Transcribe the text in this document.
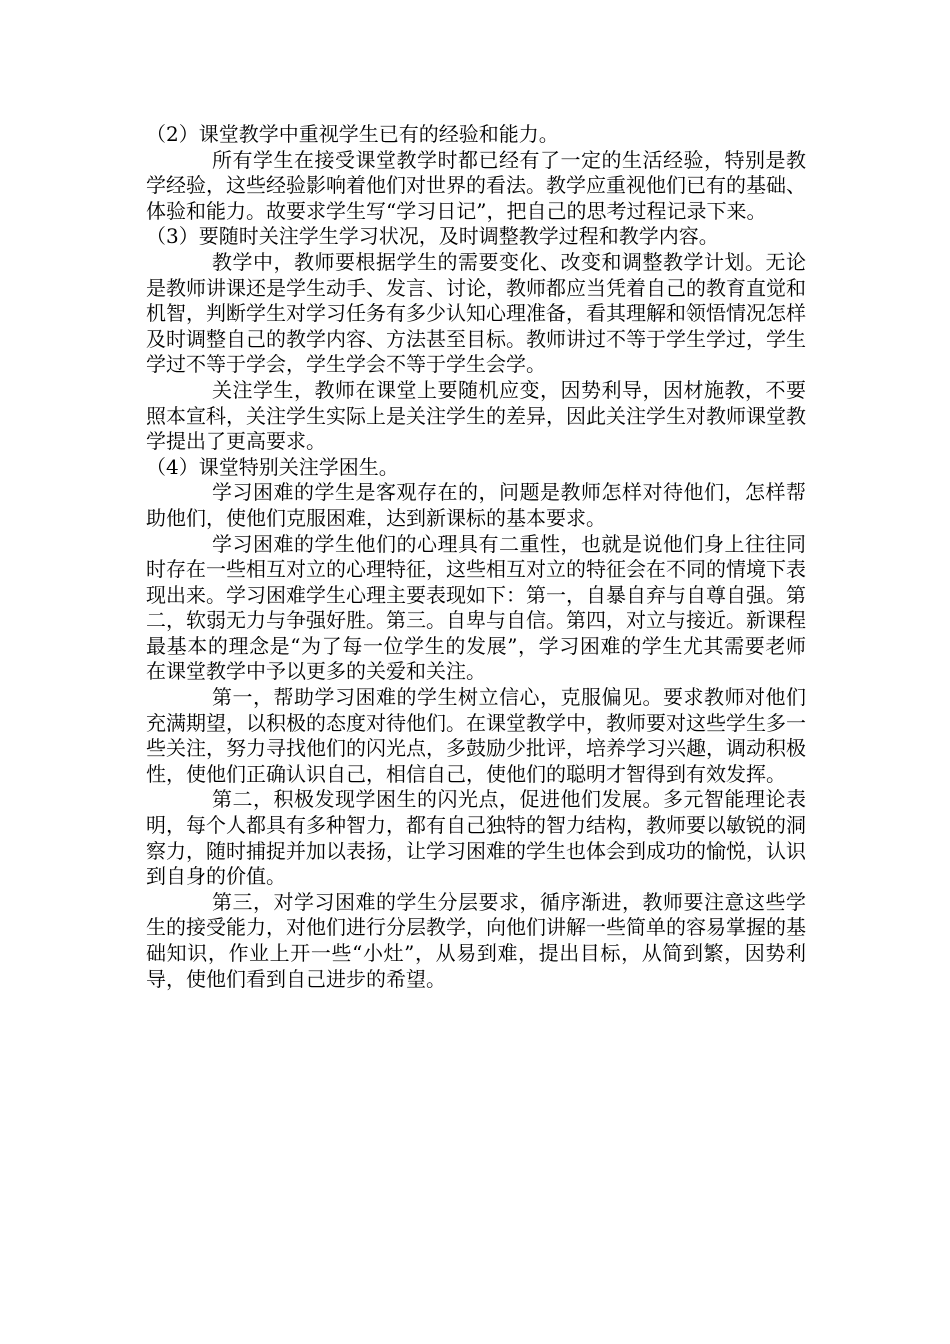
（2）课堂教学中重视学生已有的经验和能力。

所有学生在接受课堂教学时都已经有了一定的生活经验，特别是教学经验，这些经验影响着他们对世界的看法。教学应重视他们已有的基础、体验和能力。故要求学生写“学习日记”，把自己的思考过程记录下来。

（3）要随时关注学生学习状况，及时调整教学过程和教学内容。

教学中，教师要根据学生的需要变化、改变和调整教学计划。无论是教师讲课还是学生动手、发言、讨论，教师都应当凭着自己的教育直觉和机智，判断学生对学习任务有多少认知心理准备，看其理解和领悟情况怎样及时调整自己的教学内容、方法甚至目标。教师讲过不等于学生学过，学生学过不等于学会，学生学会不等于学生会学。

关注学生，教师在课堂上要随机应变，因势利导，因材施教，不要照本宣科，关注学生实际上是关注学生的差异，因此关注学生对教师课堂教学提出了更高要求。

（4）课堂特别关注学困生。

学习困难的学生是客观存在的，问题是教师怎样对待他们，怎样帮助他们，使他们克服困难，达到新课标的基本要求。

学习困难的学生他们的心理具有二重性，也就是说他们身上往往同时存在一些相互对立的心理特征，这些相互对立的特征会在不同的情境下表现出来。学习困难学生心理主要表现如下：第一，自暴自弃与自尊自强。第二，软弱无力与争强好胜。第三。自卑与自信。第四，对立与接近。新课程最基本的理念是“为了每一位学生的发展”，学习困难的学生尤其需要老师在课堂教学中予以更多的关爱和关注。

第一，帮助学习困难的学生树立信心，克服偏见。要求教师对他们充满期望，以积极的态度对待他们。在课堂教学中，教师要对这些学生多一些关注，努力寻找他们的闪光点，多鼓励少批评，培养学习兴趣，调动积极性，使他们正确认识自己，相信自己，使他们的聪明才智得到有效发挥。

第二，积极发现学困生的闪光点，促进他们发展。多元智能理论表明，每个人都具有多种智力，都有自己独特的智力结构，教师要以敏锐的洞察力，随时捕捉并加以表扬，让学习困难的学生也体会到成功的愉悦，认识到自身的价值。

第三，对学习困难的学生分层要求，循序渐进，教师要注意这些学生的接受能力，对他们进行分层教学，向他们讲解一些简单的容易掌握的基础知识，作业上开一些“小灶”，从易到难，提出目标，从简到繁，因势利导，使他们看到自己进步的希望。
